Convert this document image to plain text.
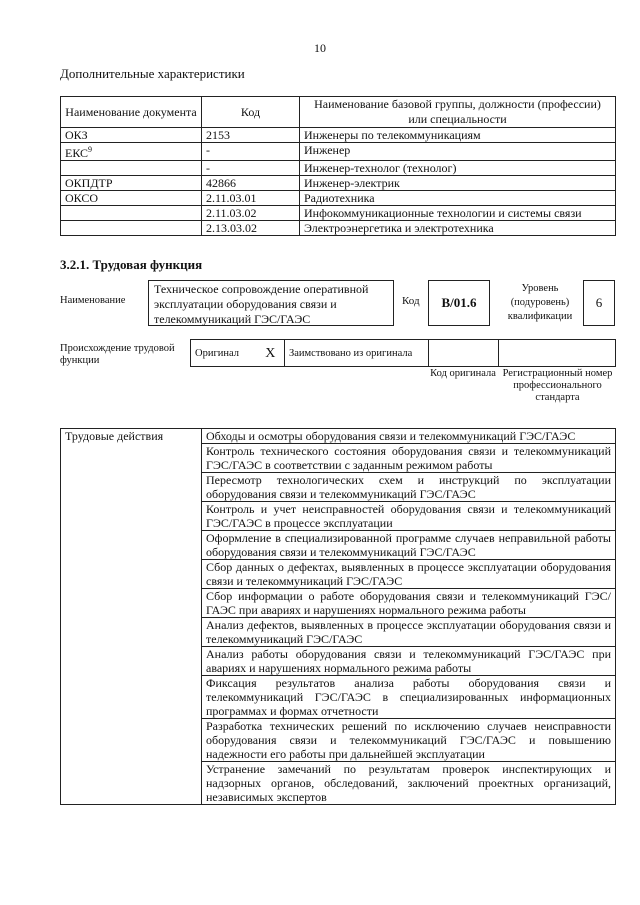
10
Дополнительные характеристики
Наименование документа	Код	Наименование базовой группы, должности (профессии) или специальности
ОКЗ	2153	Инженеры по телекоммуникациям
ЕКС$^9$	-	Инженер
	-	Инженер-технолог (технолог)
ОКПДТР	42866	Инженер-электрик
ОКСО	2.11.03.01	Радиотехника
	2.11.03.02	Инфокоммуникационные технологии и системы связи
	2.13.03.02	Электроэнергетика и электротехника
3.2.1. Трудовая функция
Наименование
Техническое сопровождение оперативной эксплуатации оборудования связи и телекоммуникаций ГЭС/ГАЭС
Код	B/01.6
Уровень (подуровень) квалификации
6
Происхождение трудовой функции
Оригинал	X	Заимствовано из оригинала		
Код оригинала Регистрационный номер профессионального стандарта
Трудовые действия	Обходы и осмотры оборудования связи и телекоммуникаций ГЭС/ГАЭС
Контроль технического состояния оборудования связи и телекоммуникаций ГЭС/ГАЭС в соответствии с заданным режимом работы
Пересмотр технологических схем и инструкций по эксплуатации оборудования связи и телекоммуникаций ГЭС/ГАЭС
Контроль и учет неисправностей оборудования связи и телекоммуникаций ГЭС/ГАЭС в процессе эксплуатации
Оформление в специализированной программе случаев неправильной работы оборудования связи и телекоммуникаций ГЭС/ГАЭС
Сбор данных о дефектах, выявленных в процессе эксплуатации оборудования связи и телекоммуникаций ГЭС/ГАЭС
Сбор информации о работе оборудования связи и телекоммуникаций ГЭС/ГАЭС при авариях и нарушениях нормального режима работы
Анализ дефектов, выявленных в процессе эксплуатации оборудования связи и телекоммуникаций ГЭС/ГАЭС
Анализ работы оборудования связи и телекоммуникаций ГЭС/ГАЭС при авариях и нарушениях нормального режима работы
Фиксация результатов анализа работы оборудования связи и телекоммуникаций ГЭС/ГАЭС в специализированных информационных программах и формах отчетности
Разработка технических решений по исключению случаев неисправности оборудования связи и телекоммуникаций ГЭС/ГАЭС и повышению надежности его работы при дальнейшей эксплуатации
Устранение замечаний по результатам проверок инспектирующих и надзорных органов, обследований, заключений проектных организаций, независимых экспертов
